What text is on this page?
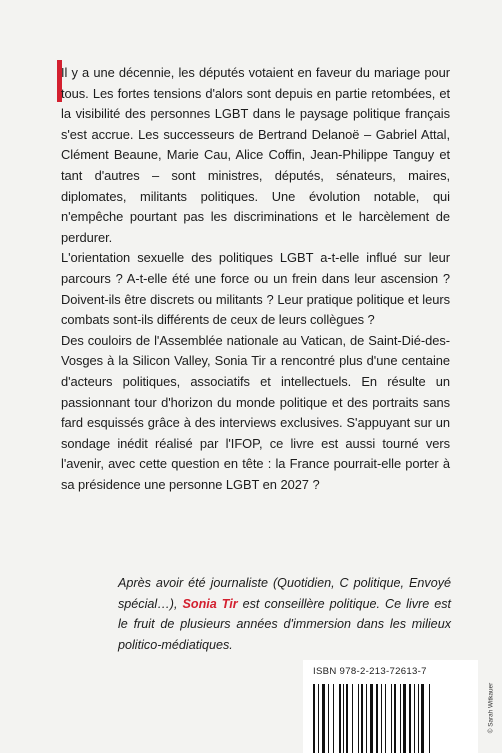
Il y a une décennie, les députés votaient en faveur du mariage pour tous. Les fortes tensions d'alors sont depuis en partie retombées, et la visibilité des personnes LGBT dans le paysage politique français s'est accrue. Les successeurs de Bertrand Delanoë – Gabriel Attal, Clément Beaune, Marie Cau, Alice Coffin, Jean-Philippe Tanguy et tant d'autres – sont ministres, députés, sénateurs, maires, diplomates, militants politiques. Une évolution notable, qui n'empêche pourtant pas les discriminations et le harcèlement de perdurer.

L'orientation sexuelle des politiques LGBT a-t-elle influé sur leur parcours ? A-t-elle été une force ou un frein dans leur ascension ? Doivent-ils être discrets ou militants ? Leur pratique politique et leurs combats sont-ils différents de ceux de leurs collègues ?

Des couloirs de l'Assemblée nationale au Vatican, de Saint-Dié-des-Vosges à la Silicon Valley, Sonia Tir a rencontré plus d'une centaine d'acteurs politiques, associatifs et intellectuels. En résulte un passionnant tour d'horizon du monde politique et des portraits sans fard esquissés grâce à des interviews exclusives. S'appuyant sur un sondage inédit réalisé par l'IFOP, ce livre est aussi tourné vers l'avenir, avec cette question en tête : la France pourrait-elle porter à sa présidence une personne LGBT en 2027 ?

Après avoir été journaliste (Quotidien, C politique, Envoyé spécial…), Sonia Tir est conseillère politique. Ce livre est le fruit de plusieurs années d'immersion dans les milieux politico-médiatiques.
ISBN 978-2-213-72613-7
© Sarah Witkauer
